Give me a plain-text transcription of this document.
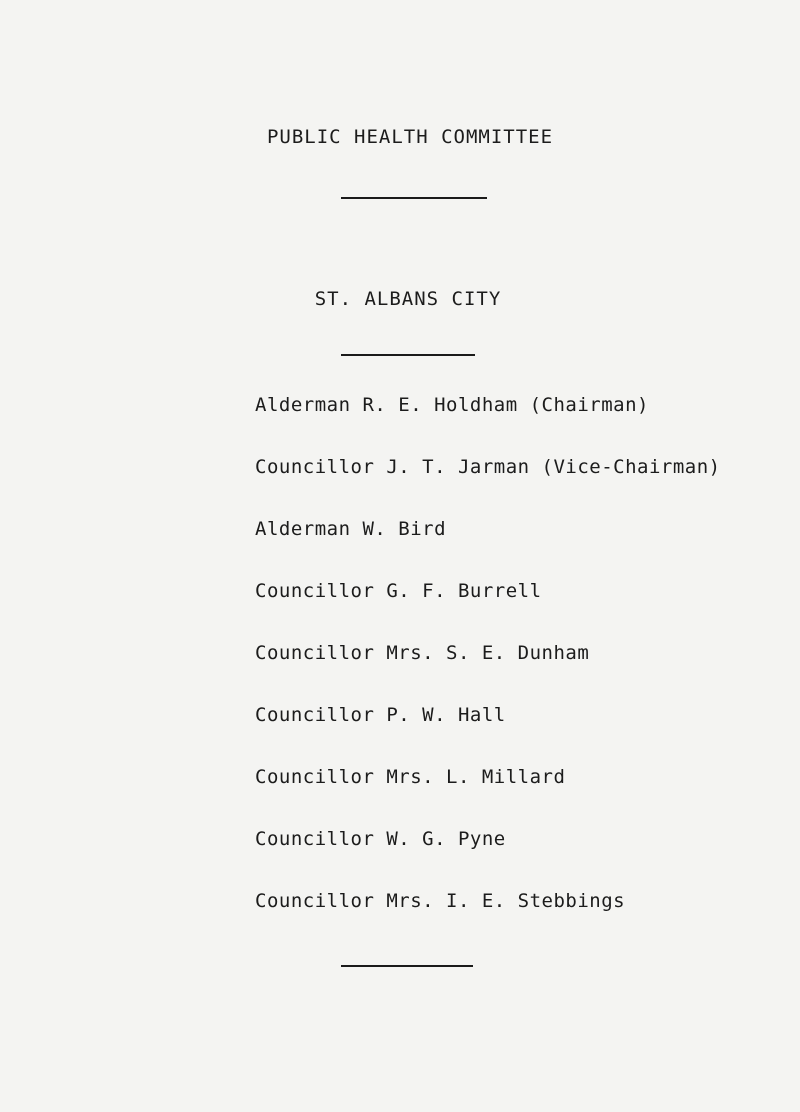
PUBLIC HEALTH COMMITTEE
ST. ALBANS CITY
Alderman R. E. Holdham (Chairman)
Councillor J. T. Jarman (Vice-Chairman)
Alderman W. Bird
Councillor G. F. Burrell
Councillor Mrs. S. E. Dunham
Councillor P. W. Hall
Councillor Mrs. L. Millard
Councillor W. G. Pyne
Councillor Mrs. I. E. Stebbings
